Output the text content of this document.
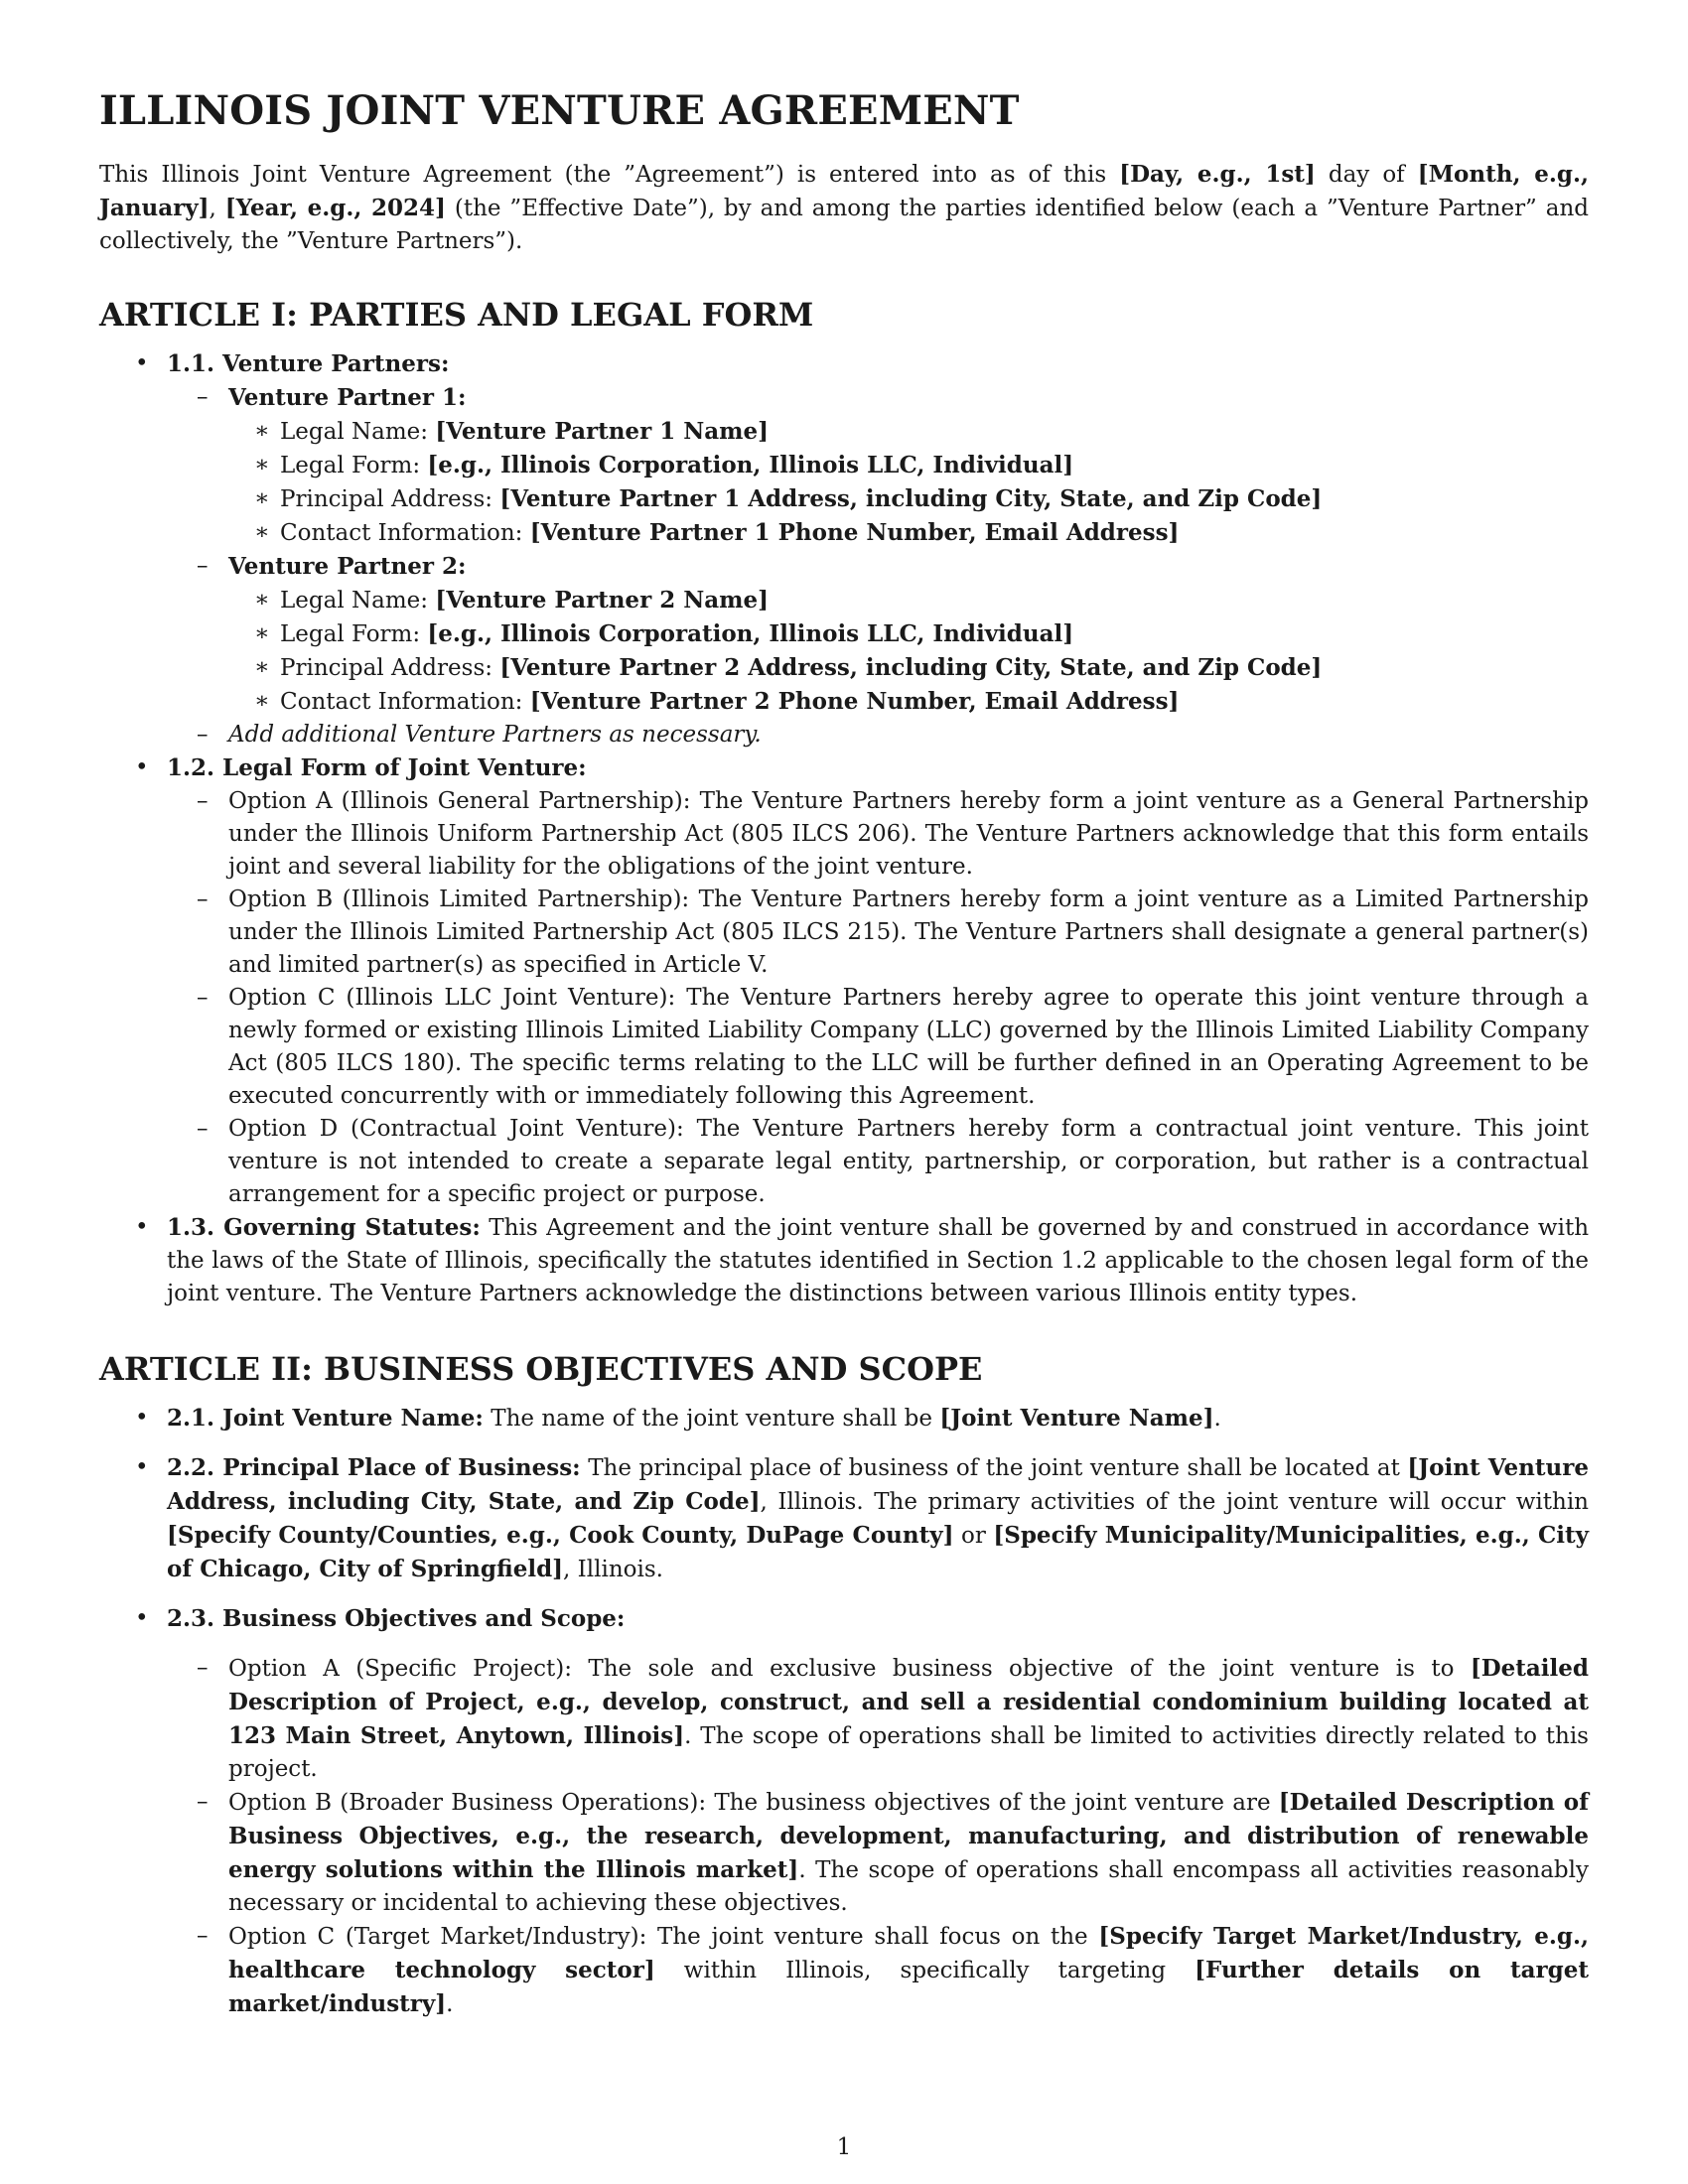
ILLINOIS JOINT VENTURE AGREEMENT

This Illinois Joint Venture Agreement (the ”Agreement”) is entered into as of this [Day, e.g., 1st] day of [Month, e.g., January], [Year, e.g., 2024] (the ”Effective Date”), by and among the parties identified below (each a ”Venture Partner” and collectively, the ”Venture Partners”).

ARTICLE I: PARTIES AND LEGAL FORM
• 1.1. Venture Partners:
– Venture Partner 1:
∗ Legal Name: [Venture Partner 1 Name]
∗ Legal Form: [e.g., Illinois Corporation, Illinois LLC, Individual]
∗ Principal Address: [Venture Partner 1 Address, including City, State, and Zip Code]
∗ Contact Information: [Venture Partner 1 Phone Number, Email Address]
– Venture Partner 2:
∗ Legal Name: [Venture Partner 2 Name]
∗ Legal Form: [e.g., Illinois Corporation, Illinois LLC, Individual]
∗ Principal Address: [Venture Partner 2 Address, including City, State, and Zip Code]
∗ Contact Information: [Venture Partner 2 Phone Number, Email Address]
– Add additional Venture Partners as necessary.
• 1.2. Legal Form of Joint Venture:
– Option A (Illinois General Partnership): The Venture Partners hereby form a joint venture as a General Partnership under the Illinois Uniform Partnership Act (805 ILCS 206). The Venture Partners acknowledge that this form entails joint and several liability for the obligations of the joint venture.
– Option B (Illinois Limited Partnership): The Venture Partners hereby form a joint venture as a Limited Partnership under the Illinois Limited Partnership Act (805 ILCS 215). The Venture Partners shall designate a general partner(s) and limited partner(s) as specified in Article V.
– Option C (Illinois LLC Joint Venture): The Venture Partners hereby agree to operate this joint venture through a newly formed or existing Illinois Limited Liability Company (LLC) governed by the Illinois Limited Liability Company Act (805 ILCS 180). The specific terms relating to the LLC will be further defined in an Operating Agreement to be executed concurrently with or immediately following this Agreement.
– Option D (Contractual Joint Venture): The Venture Partners hereby form a contractual joint venture. This joint venture is not intended to create a separate legal entity, partnership, or corporation, but rather is a contractual arrangement for a specific project or purpose.
• 1.3. Governing Statutes: This Agreement and the joint venture shall be governed by and construed in accordance with the laws of the State of Illinois, specifically the statutes identified in Section 1.2 applicable to the chosen legal form of the joint venture. The Venture Partners acknowledge the distinctions between various Illinois entity types.
ARTICLE II: BUSINESS OBJECTIVES AND SCOPE
• 2.1. Joint Venture Name: The name of the joint venture shall be [Joint Venture Name].
• 2.2. Principal Place of Business: The principal place of business of the joint venture shall be located at [Joint Venture Address, including City, State, and Zip Code], Illinois. The primary activities of the joint venture will occur within [Specify County/Counties, e.g., Cook County, DuPage County] or [Specify Municipality/Municipalities, e.g., City of Chicago, City of Springfield], Illinois.
• 2.3. Business Objectives and Scope:
– Option A (Specific Project): The sole and exclusive business objective of the joint venture is to [Detailed Description of Project, e.g., develop, construct, and sell a residential condominium building located at 123 Main Street, Anytown, Illinois]. The scope of operations shall be limited to activities directly related to this project.
– Option B (Broader Business Operations): The business objectives of the joint venture are [Detailed Description of Business Objectives, e.g., the research, development, manufacturing, and distribution of renewable energy solutions within the Illinois market]. The scope of operations shall encompass all activities reasonably necessary or incidental to achieving these objectives.
– Option C (Target Market/Industry): The joint venture shall focus on the [Specify Target Market/Industry, e.g., healthcare technology sector] within Illinois, specifically targeting [Further details on target market/industry].
1
